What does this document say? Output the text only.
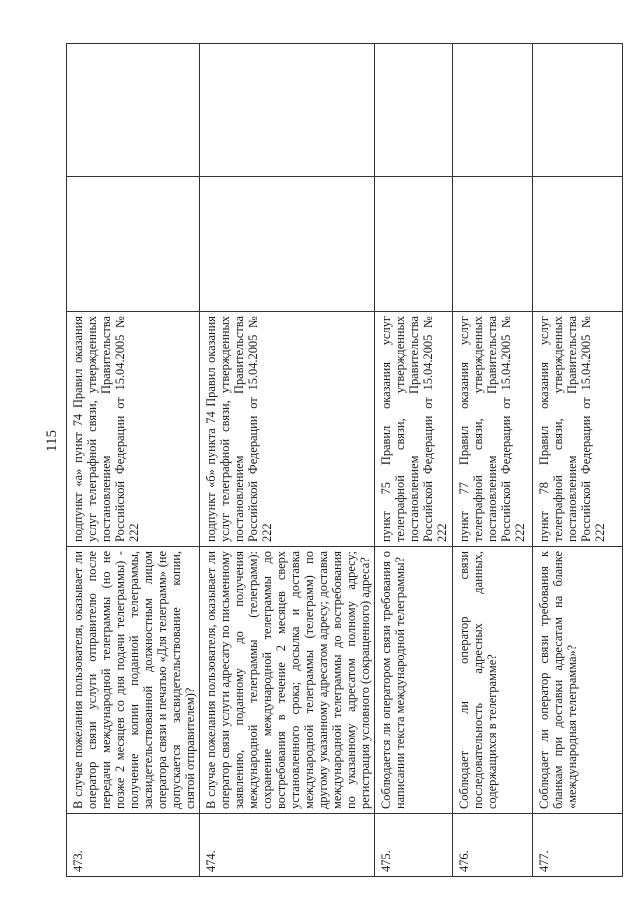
115
473.	В случае пожелания пользователя, оказывает ли оператор связи услуги отправителю после передачи международной телеграммы (но не позже 2 месяцев со дня подачи телеграммы) - получение копии поданной телеграммы, засвидетельствованной должностным лицом оператора связи и печатью «Для телеграмм» (не допускается засвидетельствование копии, снятой отправителем)?	подпункт «а» пункт 74 Правил оказания услуг телеграфной связи, утвержденных постановлением Правительства Российской Федерации от 15.04.2005 № 222		
474.	В случае пожелания пользователя, оказывает ли оператор связи услуги адресату по письменному заявлению, поданному до получения международной телеграммы (телеграмм): сохранение международной телеграммы до востребования в течение 2 месяцев сверх установленного срока; досылка и доставка международной телеграммы (телеграмм) по другому указанному адресатом адресу; доставка международной телеграммы до востребования по указанному адресатом полному адресу; регистрация условного (сокращенного) адреса?	подпункт «б» пункта 74 Правил оказания услуг телеграфной связи, утвержденных постановлением Правительства Российской Федерации от 15.04.2005 № 222		
475.	Соблюдается ли оператором связи требования о написании текста международной телеграммы?	пункт 75 Правил оказания услуг телеграфной связи, утвержденных постановлением Правительства Российской Федерации от 15.04.2005 № 222		
476.	Соблюдает ли оператор связи последовательность адресных данных, содержащихся в телеграмме?	пункт 77 Правил оказания услуг телеграфной связи, утвержденных постановлением Правительства Российской Федерации от 15.04.2005 № 222		
477.	Соблюдает ли оператор связи требования к бланкам при доставки адресатам на бланке «международная телеграмма»?	пункт 78 Правил оказания услуг телеграфной связи, утвержденных постановлением Правительства Российской Федерации от 15.04.2005 № 222		
